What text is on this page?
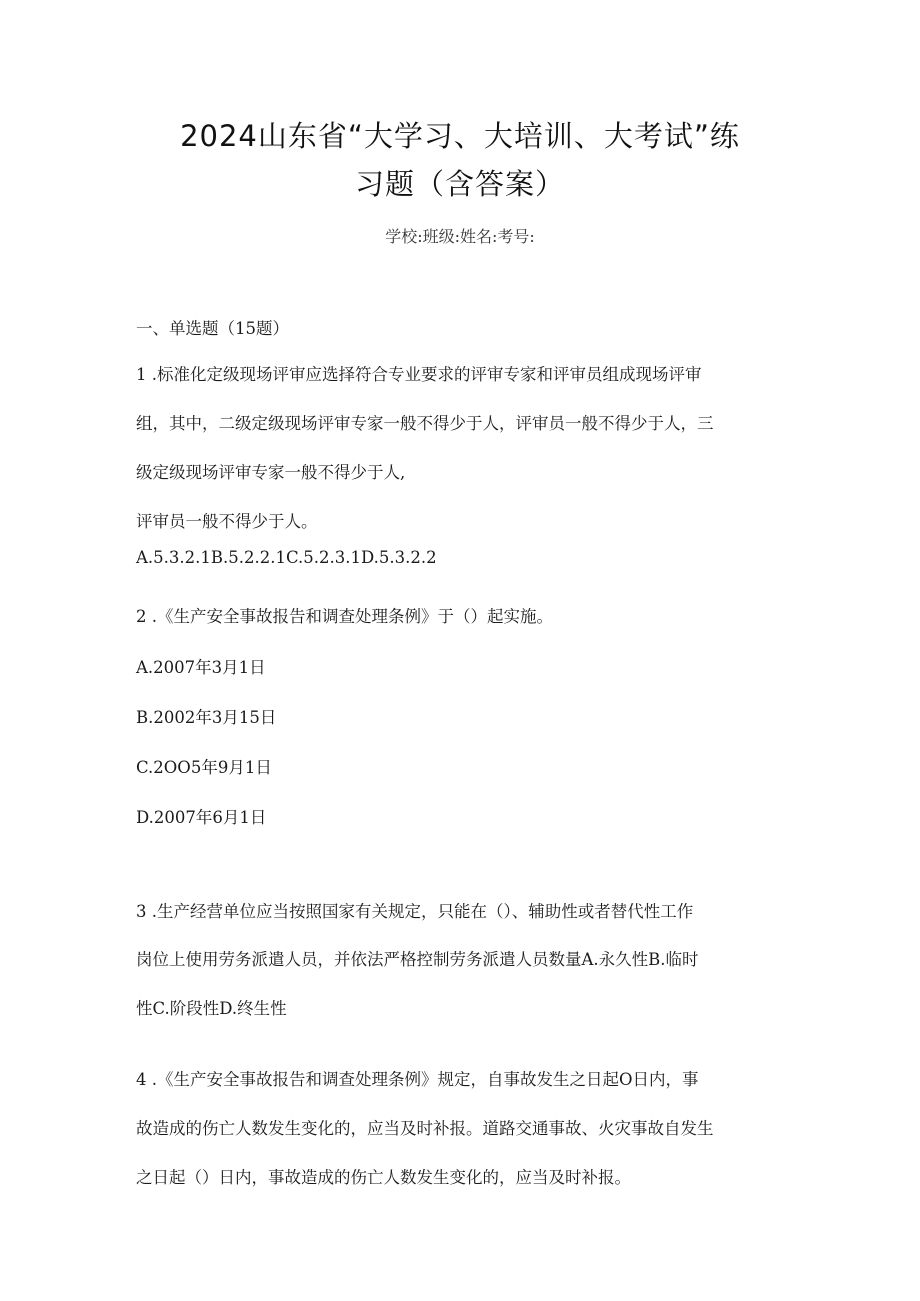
2024山东省“大学习、大培训、大考试”练
习题（含答案）
学校:班级:姓名:考号:
一、单选题（15题）
1 .标准化定级现场评审应选择符合专业要求的评审专家和评审员组成现场评审
组，其中，二级定级现场评审专家一般不得少于人，评审员一般不得少于人，三
级定级现场评审专家一般不得少于人,
评审员一般不得少于人。
A.5.3.2.1B.5.2.2.1C.5.2.3.1D.5.3.2.2
2 .《生产安全事故报告和调查处理条例》于（）起实施。
A.2007年3月1日
B.2002年3月15日
C.2OO5年9月1日
D.2007年6月1日
3 .生产经营单位应当按照国家有关规定，只能在（）、辅助性或者替代性工作
岗位上使用劳务派遣人员，并依法严格控制劳务派遣人员数量A.永久性B.临时
性C.阶段性D.终生性
4 .《生产安全事故报告和调查处理条例》规定，自事故发生之日起O日内，事
故造成的伤亡人数发生变化的，应当及时补报。道路交通事故、火灾事故自发生
之日起（）日内，事故造成的伤亡人数发生变化的，应当及时补报。
